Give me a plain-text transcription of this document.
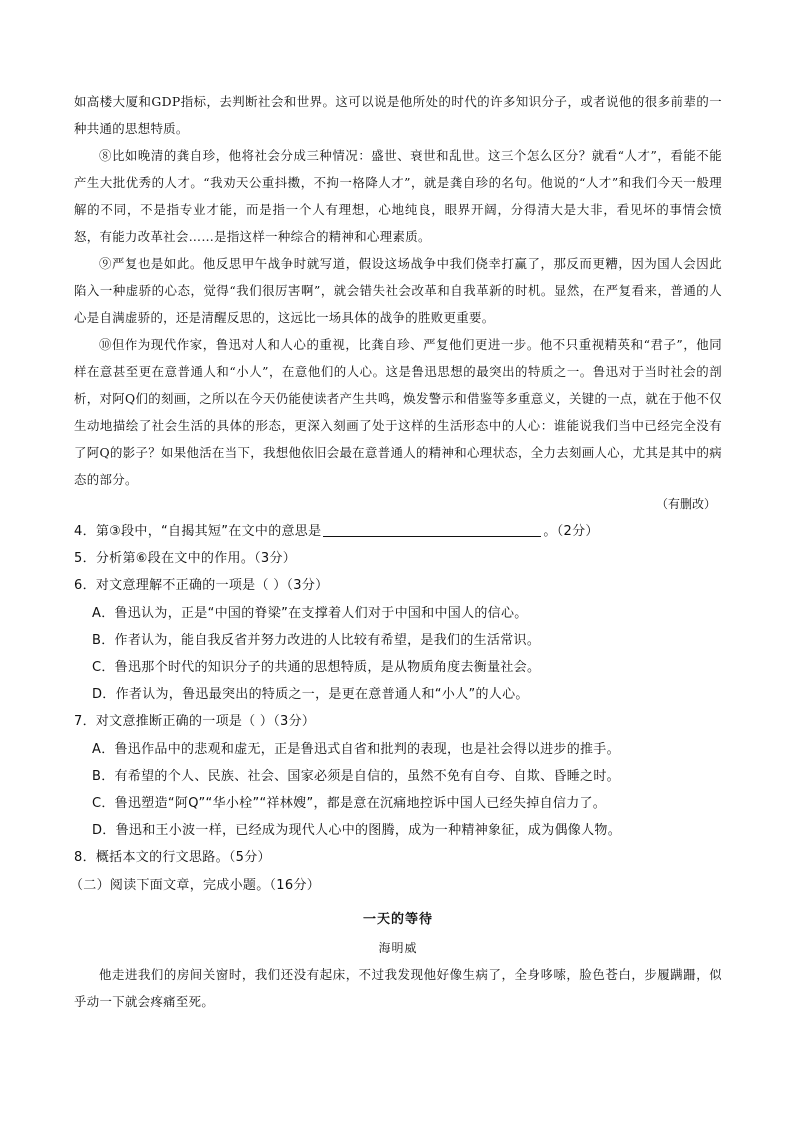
如高楼大厦和GDP指标，去判断社会和世界。这可以说是他所处的时代的许多知识分子，或者说他的很多前辈的一种共通的思想特质。

⑧比如晚清的龚自珍，他将社会分成三种情况：盛世、衰世和乱世。这三个怎么区分？就看“人才”，看能不能产生大批优秀的人才。“我劝天公重抖擞，不拘一格降人才”，就是龚自珍的名句。他说的“人才”和我们今天一般理解的不同，不是指专业才能，而是指一个人有理想，心地纯良，眼界开阔，分得清大是大非，看见坏的事情会愤怒，有能力改革社会……是指这样一种综合的精神和心理素质。

⑨严复也是如此。他反思甲午战争时就写道，假设这场战争中我们侥幸打赢了，那反而更糟，因为国人会因此陷入一种虚骄的心态，觉得“我们很厉害啊”，就会错失社会改革和自我革新的时机。显然，在严复看来，普通的人心是自满虚骄的，还是清醒反思的，这远比一场具体的战争的胜败更重要。

⑩但作为现代作家，鲁迅对人和人心的重视，比龚自珍、严复他们更进一步。他不只重视精英和“君子”，他同样在意甚至更在意普通人和“小人”，在意他们的人心。这是鲁迅思想的最突出的特质之一。鲁迅对于当时社会的剖析，对阿Q们的刻画，之所以在今天仍能使读者产生共鸣，焕发警示和借鉴等多重意义，关键的一点，就在于他不仅生动地描绘了社会生活的具体的形态，更深入刻画了处于这样的生活形态中的人心：谁能说我们当中已经完全没有了阿Q的影子？如果他活在当下，我想他依旧会最在意普通人的精神和心理状态，全力去刻画人心，尤其是其中的病态的部分。

（有删改）

4．第③段中，“自揭其短”在文中的意思是	。（2分）

5．分析第⑥段在文中的作用。（3分）

6．对文意理解不正确的一项是（ ）（3分）

A．鲁迅认为，正是“中国的脊梁”在支撑着人们对于中国和中国人的信心。

B．作者认为，能自我反省并努力改进的人比较有希望，是我们的生活常识。

C．鲁迅那个时代的知识分子的共通的思想特质，是从物质角度去衡量社会。

D．作者认为，鲁迅最突出的特质之一，是更在意普通人和“小人”的人心。

7．对文意推断正确的一项是（ ）（3分）

A．鲁迅作品中的悲观和虚无，正是鲁迅式自省和批判的表现，也是社会得以进步的推手。

B．有希望的个人、民族、社会、国家必须是自信的，虽然不免有自夸、自欺、昏睡之时。

C．鲁迅塑造“阿Q”“华小栓”“祥林嫂”，都是意在沉痛地控诉中国人已经失掉自信力了。

D．鲁迅和王小波一样，已经成为现代人心中的图腾，成为一种精神象征，成为偶像人物。

8．概括本文的行文思路。（5分）

（二）阅读下面文章，完成小题。（16分）

一天的等待

海明威

他走进我们的房间关窗时，我们还没有起床，不过我发现他好像生病了，全身哆嗦，脸色苍白，步履蹒跚，似乎动一下就会疼痛至死。
